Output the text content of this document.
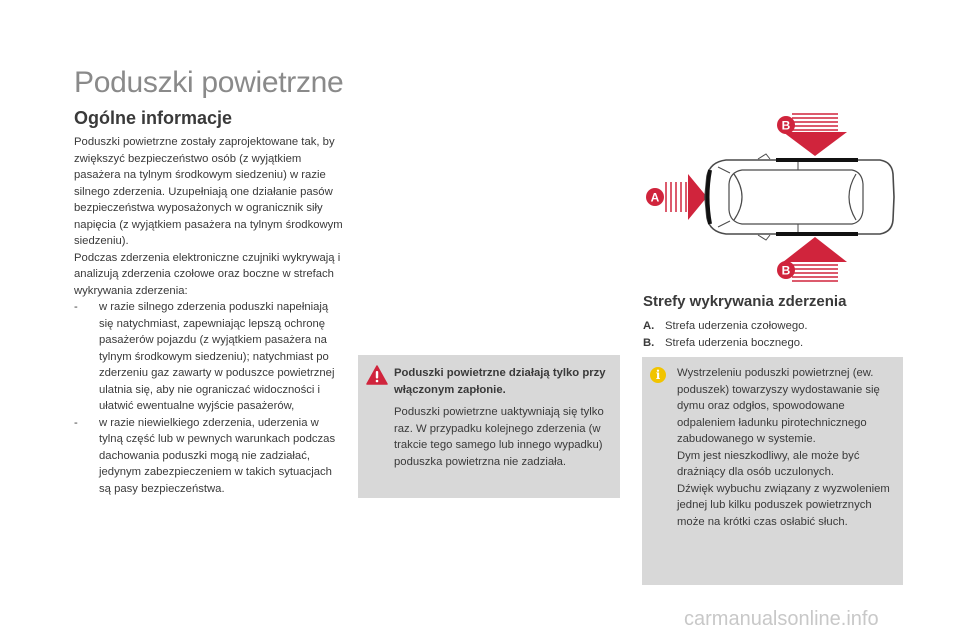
Poduszki powietrzne
Ogólne informacje

Poduszki powietrzne zostały zaprojektowane tak, by zwiększyć bezpieczeństwo osób (z wyjątkiem pasażera na tylnym środkowym siedzeniu) w razie silnego zderzenia. Uzupełniają one działanie pasów bezpieczeństwa wyposażonych w ogranicznik siły napięcia (z wyjątkiem pasażera na tylnym środkowym siedzeniu).

Podczas zderzenia elektroniczne czujniki wykrywają i analizują zderzenia czołowe oraz boczne w strefach wykrywania zderzenia:

- w razie silnego zderzenia poduszki napełniają się natychmiast, zapewniając lepszą ochronę pasażerów pojazdu (z wyjątkiem pasażera na tylnym środkowym siedzeniu); natychmiast po zderzeniu gaz zawarty w poduszce powietrznej ulatnia się, aby nie ograniczać widoczności i ułatwić ewentualne wyjście pasażerów,
- w razie niewielkiego zderzenia, uderzenia w tylną część lub w pewnych warunkach podczas dachowania poduszki mogą nie zadziałać, jedynym zabezpieczeniem w takich sytuacjach są pasy bezpieczeństwa.
Poduszki powietrzne działają tylko przy włączonym zapłonie.
Poduszki powietrzne uaktywniają się tylko raz. W przypadku kolejnego zderzenia (w trakcie tego samego lub innego wypadku) poduszka powietrzna nie zadziała.
B
A
B
Strefy wykrywania zderzenia
A. Strefa uderzenia czołowego.
B. Strefa uderzenia bocznego.
i	Wystrzeleniu poduszki powietrznej (ew. poduszek) towarzyszy wydostawanie się dymu oraz odgłos, spowodowane odpaleniem ładunku pirotechnicznego zabudowanego w systemie.
Dym jest nieszkodliwy, ale może być drażniący dla osób uczulonych.
Dźwięk wybuchu związany z wyzwoleniem jednej lub kilku poduszek powietrznych może na krótki czas osłabić słuch.
carmanualsonline.info
